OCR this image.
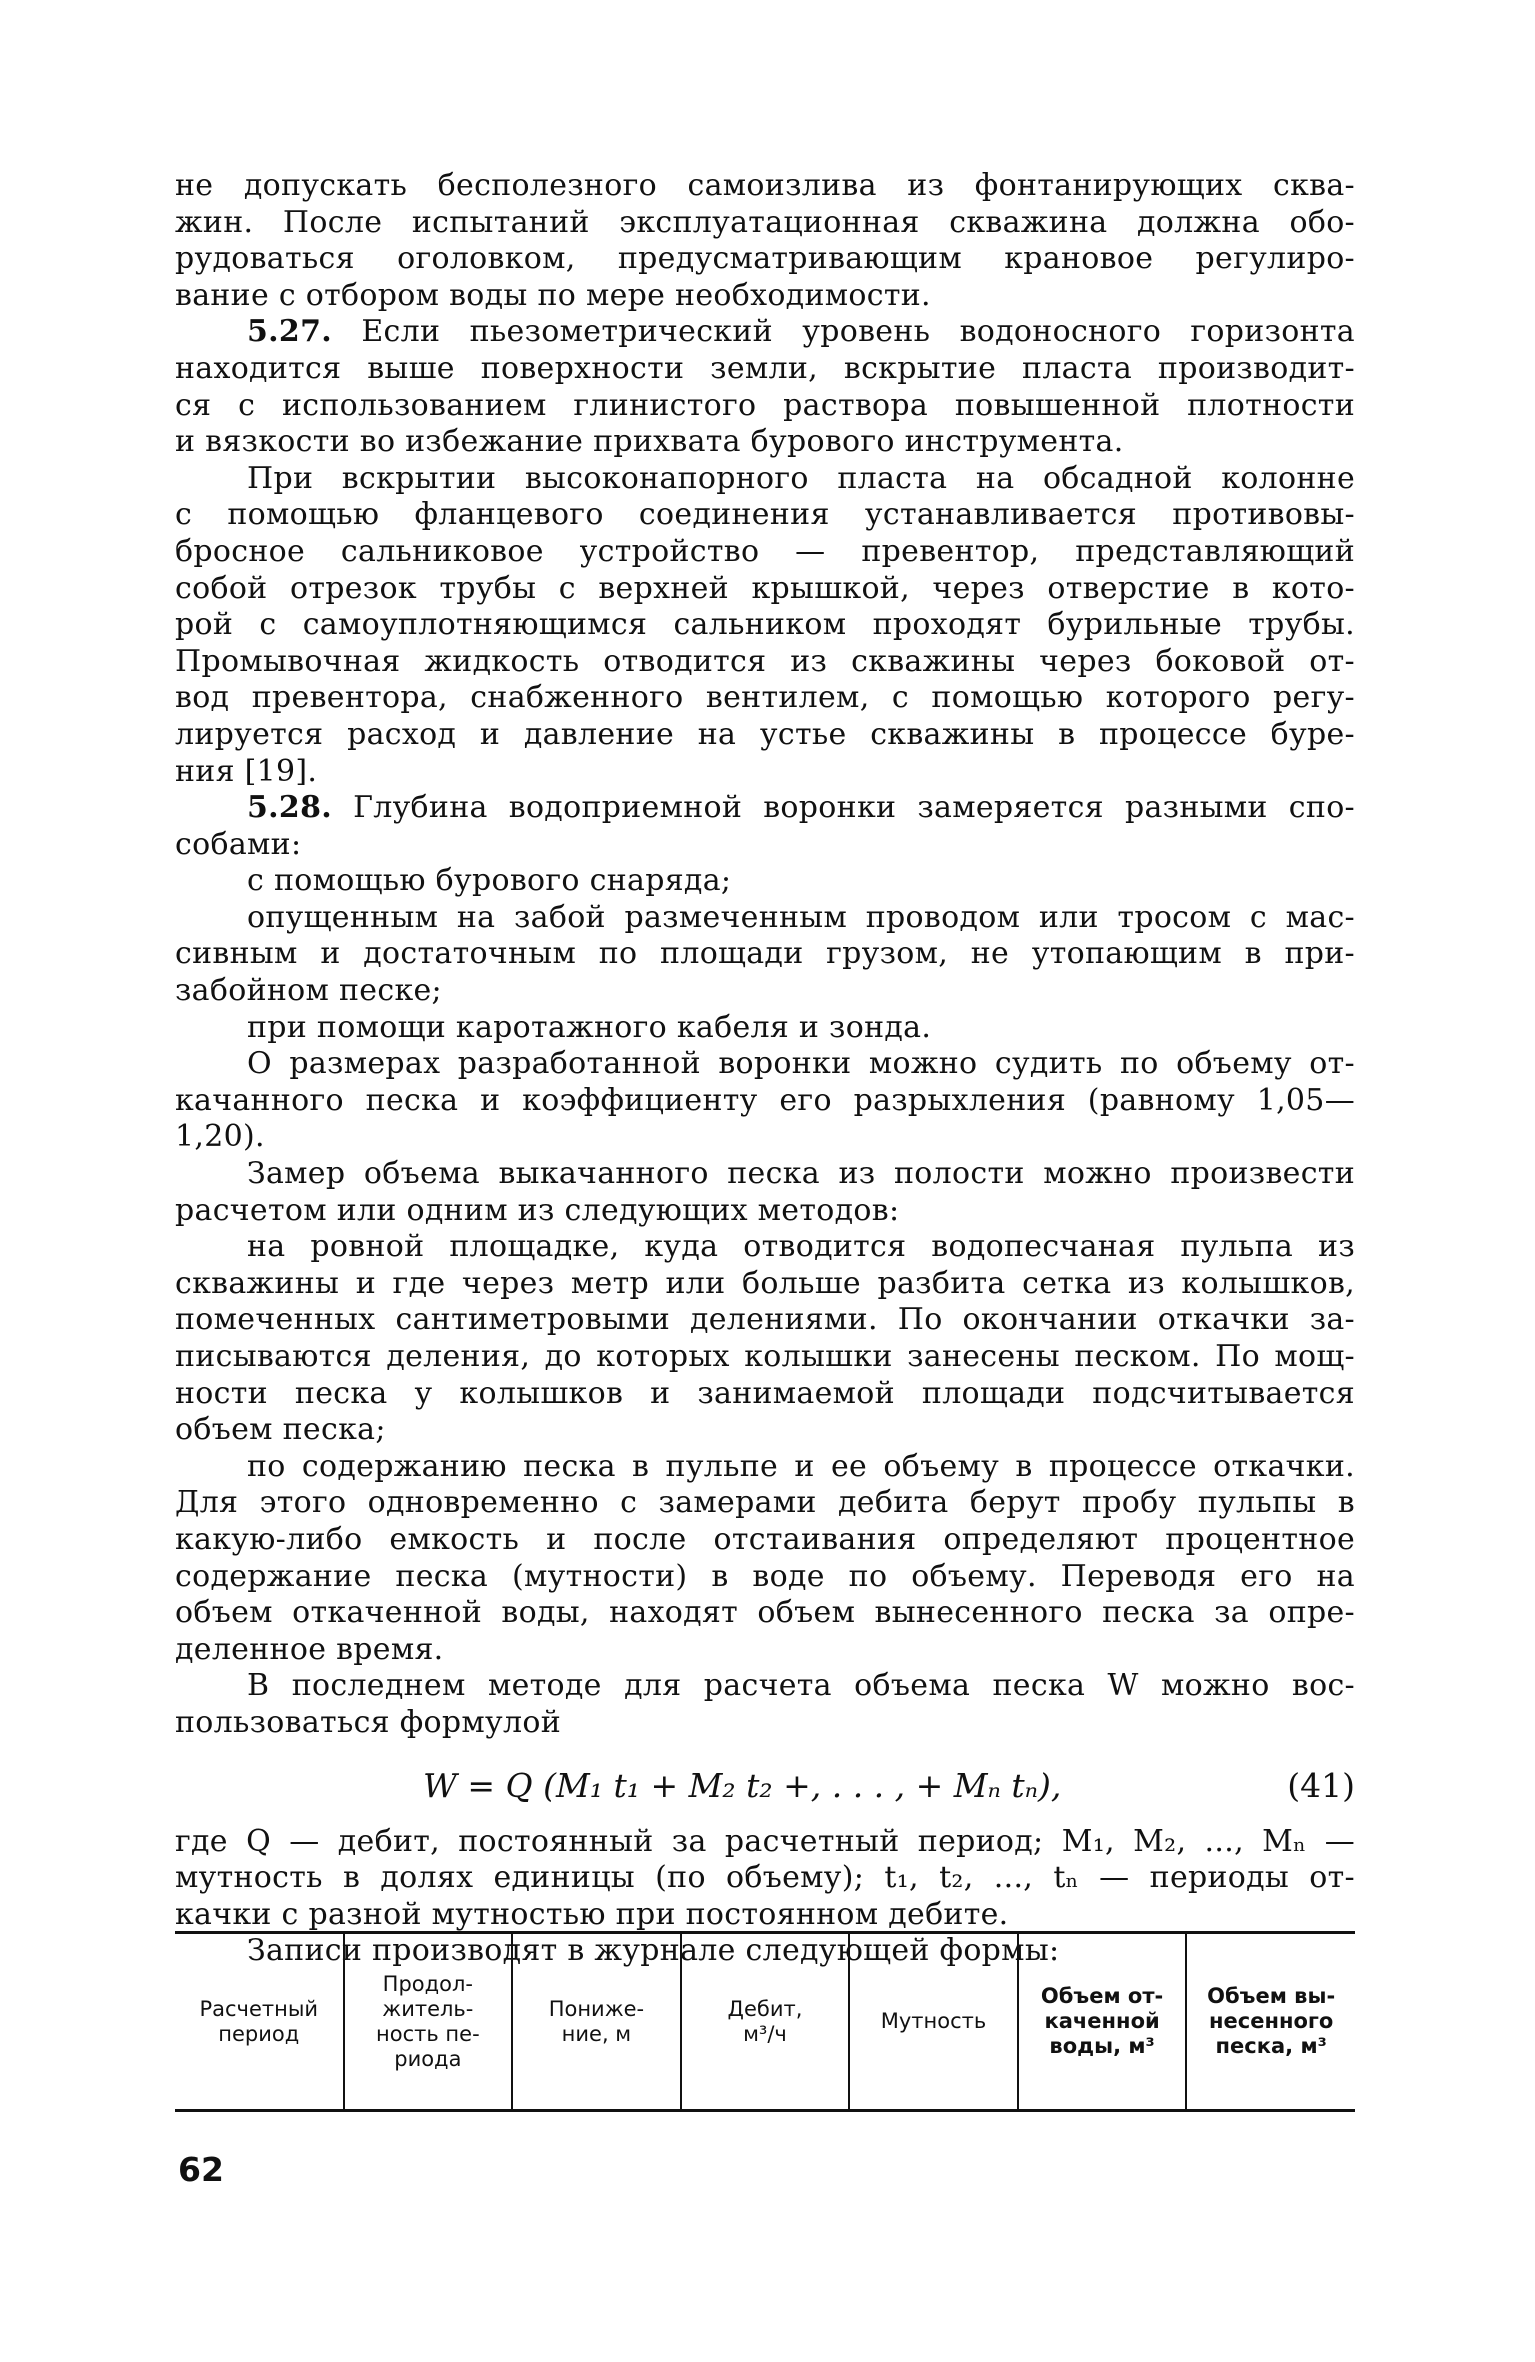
не допускать бесполезного самоизлива из фонтанирующих сква-

жин. После испытаний эксплуатационная скважина должна обо-

рудоваться оголовком, предусматривающим крановое регулиро-

вание с отбором воды по мере необходимости.

5.27. Если пьезометрический уровень водоносного горизонта

находится выше поверхности земли, вскрытие пласта производит-

ся с использованием глинистого раствора повышенной плотности

и вязкости во избежание прихвата бурового инструмента.

При вскрытии высоконапорного пласта на обсадной колонне

с помощью фланцевого соединения устанавливается противовы-

бросное сальниковое устройство — превентор, представляющий

собой отрезок трубы с верхней крышкой, через отверстие в кото-

рой с самоуплотняющимся сальником проходят бурильные трубы.

Промывочная жидкость отводится из скважины через боковой от-

вод превентора, снабженного вентилем, с помощью которого регу-

лируется расход и давление на устье скважины в процессе буре-

ния [19].

5.28. Глубина водоприемной воронки замеряется разными спо-

собами:

с помощью бурового снаряда;

опущенным на забой размеченным проводом или тросом с мас-

сивным и достаточным по площади грузом, не утопающим в при-

забойном песке;

при помощи каротажного кабеля и зонда.

О размерах разработанной воронки можно судить по объему от-

качанного песка и коэффициенту его разрыхления (равному 1,05—

1,20).

Замер объема выкачанного песка из полости можно произвести

расчетом или одним из следующих методов:

на ровной площадке, куда отводится водопесчаная пульпа из

скважины и где через метр или больше разбита сетка из колышков,

помеченных сантиметровыми делениями. По окончании откачки за-

писываются деления, до которых колышки занесены песком. По мощ-

ности песка у колышков и занимаемой площади подсчитывается

объем песка;

по содержанию песка в пульпе и ее объему в процессе откачки.

Для этого одновременно с замерами дебита берут пробу пульпы в

какую-либо емкость и после отстаивания определяют процентное

содержание песка (мутности) в воде по объему. Переводя его на

объем откаченной воды, находят объем вынесенного песка за опре-

деленное время.

В последнем методе для расчета объема песка W можно вос-

пользоваться формулой

W = Q (M₁ t₁ + M₂ t₂ +, . . . , + Mₙ tₙ),	(41)

где Q — дебит, постоянный за расчетный период; M₁, M₂, ..., Mₙ —

мутность в долях единицы (по объему); t₁, t₂, ..., tₙ — периоды от-

качки с разной мутностью при постоянном дебите.

Записи производят в журнале следующей формы:

Расчетный
период	Продол-
житель-
ность пе-
риода	Пониже-
ние, м	Дебит,
м³/ч	Мутность	Объем от-
каченной
воды, м³	Объем вы-
несенного
песка, м³
62
